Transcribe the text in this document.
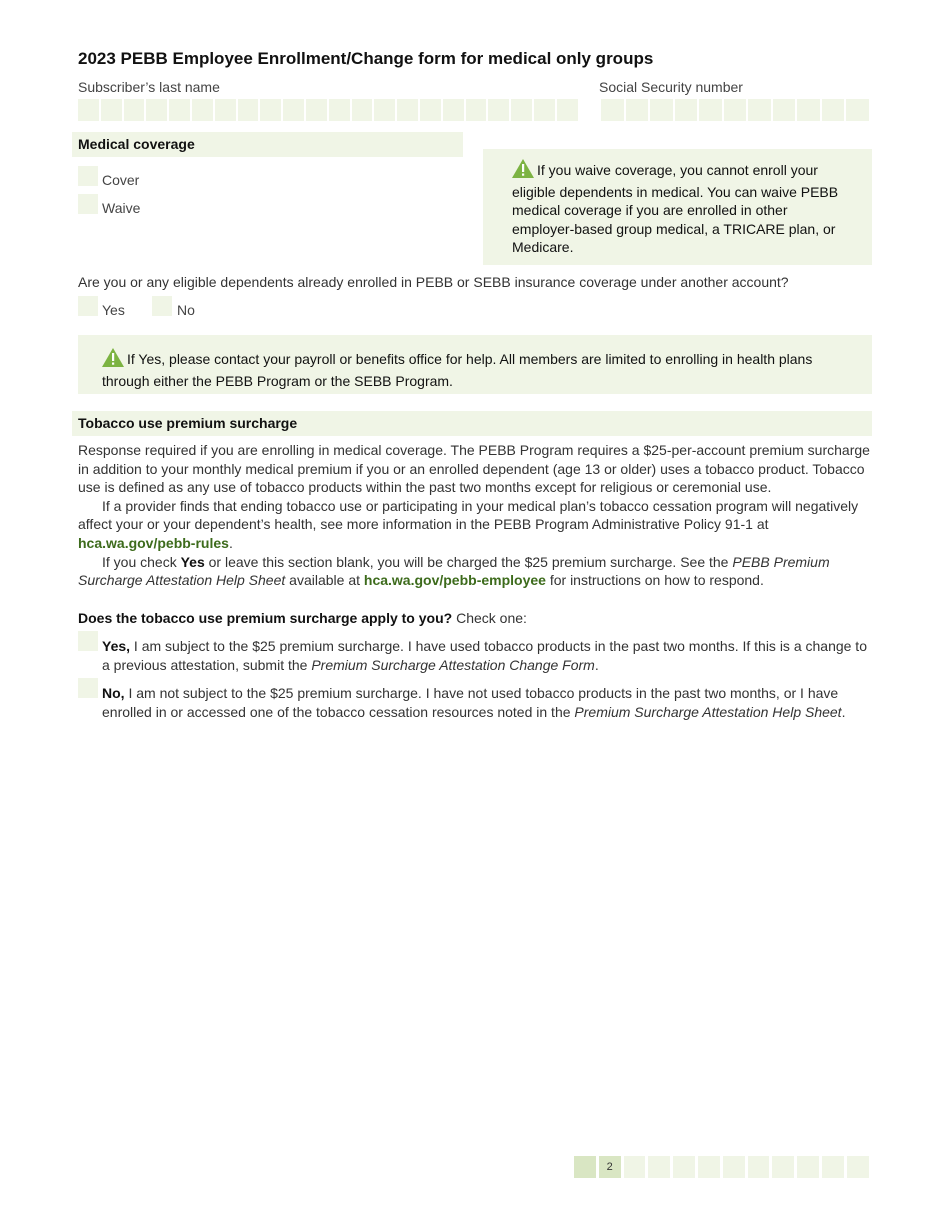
2023 PEBB Employee Enrollment/Change form for medical only groups
Subscriber’s last name	Social Security number
Medical coverage
Cover
Waive
If you waive coverage, you cannot enroll your eligible dependents in medical. You can waive PEBB medical coverage if you are enrolled in other employer-based group medical, a TRICARE plan, or Medicare.
Are you or any eligible dependents already enrolled in PEBB or SEBB insurance coverage under another account?
Yes	No
If Yes, please contact your payroll or benefits office for help. All members are limited to enrolling in health plans through either the PEBB Program or the SEBB Program.
Tobacco use premium surcharge

Response required if you are enrolling in medical coverage. The PEBB Program requires a $25-per-account premium surcharge in addition to your monthly medical premium if you or an enrolled dependent (age 13 or older) uses a tobacco product. Tobacco use is defined as any use of tobacco products within the past two months except for religious or ceremonial use.

If a provider finds that ending tobacco use or participating in your medical plan’s tobacco cessation program will negatively affect your or your dependent’s health, see more information in the PEBB Program Administrative Policy 91-1 at hca.wa.gov/pebb-rules.

If you check Yes or leave this section blank, you will be charged the $25 premium surcharge. See the PEBB Premium Surcharge Attestation Help Sheet available at hca.wa.gov/pebb-employee for instructions on how to respond.

Does the tobacco use premium surcharge apply to you? Check one:
Yes, I am subject to the $25 premium surcharge. I have used tobacco products in the past two months. If this is a change to a previous attestation, submit the Premium Surcharge Attestation Change Form.
No, I am not subject to the $25 premium surcharge. I have not used tobacco products in the past two months, or I have enrolled in or accessed one of the tobacco cessation resources noted in the Premium Surcharge Attestation Help Sheet.
2
